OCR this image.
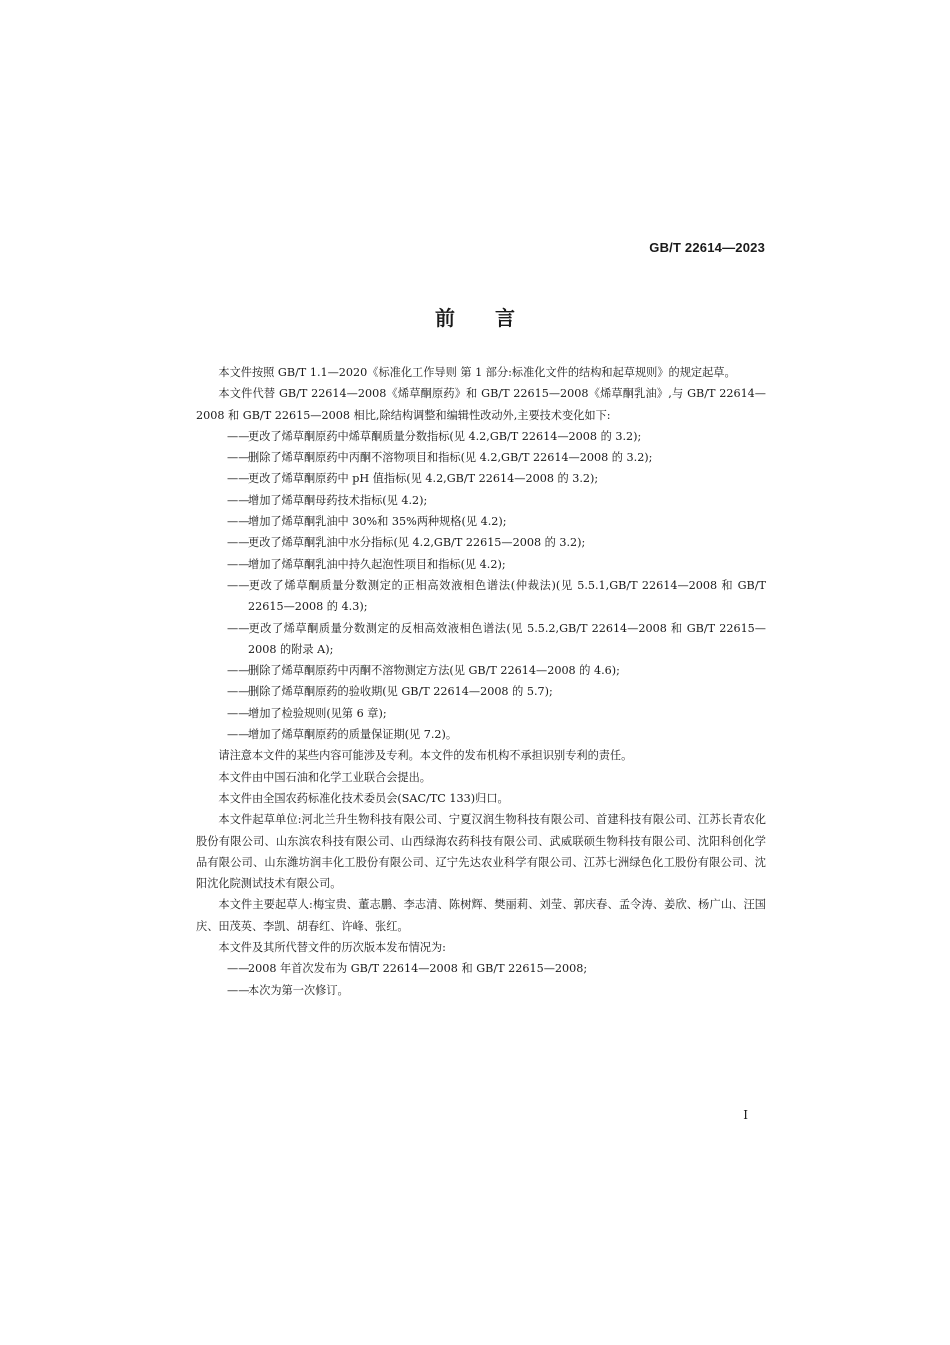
GB/T 22614—2023
前言

本文件按照 GB/T 1.1—2020《标准化工作导则 第 1 部分:标准化文件的结构和起草规则》的规定起草。

本文件代替 GB/T 22614—2008《烯草酮原药》和 GB/T 22615—2008《烯草酮乳油》,与 GB/T 22614—2008 和 GB/T 22615—2008 相比,除结构调整和编辑性改动外,主要技术变化如下:

——更改了烯草酮原药中烯草酮质量分数指标(见 4.2,GB/T 22614—2008 的 3.2);

——删除了烯草酮原药中丙酮不溶物项目和指标(见 4.2,GB/T 22614—2008 的 3.2);

——更改了烯草酮原药中 pH 值指标(见 4.2,GB/T 22614—2008 的 3.2);

——增加了烯草酮母药技术指标(见 4.2);

——增加了烯草酮乳油中 30%和 35%两种规格(见 4.2);

——更改了烯草酮乳油中水分指标(见 4.2,GB/T 22615—2008 的 3.2);

——增加了烯草酮乳油中持久起泡性项目和指标(见 4.2);

——更改了烯草酮质量分数测定的正相高效液相色谱法(仲裁法)(见 5.5.1,GB/T 22614—2008 和 GB/T 22615—2008 的 4.3);

——更改了烯草酮质量分数测定的反相高效液相色谱法(见 5.5.2,GB/T 22614—2008 和 GB/T 22615—2008 的附录 A);

——删除了烯草酮原药中丙酮不溶物测定方法(见 GB/T 22614—2008 的 4.6);

——删除了烯草酮原药的验收期(见 GB/T 22614—2008 的 5.7);

——增加了检验规则(见第 6 章);

——增加了烯草酮原药的质量保证期(见 7.2)。

请注意本文件的某些内容可能涉及专利。本文件的发布机构不承担识别专利的责任。

本文件由中国石油和化学工业联合会提出。

本文件由全国农药标准化技术委员会(SAC/TC 133)归口。

本文件起草单位:河北兰升生物科技有限公司、宁夏汉润生物科技有限公司、首建科技有限公司、江苏长青农化股份有限公司、山东滨农科技有限公司、山西绿海农药科技有限公司、武威联硕生物科技有限公司、沈阳科创化学品有限公司、山东潍坊润丰化工股份有限公司、辽宁先达农业科学有限公司、江苏七洲绿色化工股份有限公司、沈阳沈化院测试技术有限公司。

本文件主要起草人:梅宝贵、董志鹏、李志清、陈树辉、樊丽莉、刘莹、郭庆春、孟令涛、姜欣、杨广山、汪国庆、田茂英、李凯、胡春红、许峰、张红。

本文件及其所代替文件的历次版本发布情况为:

——2008 年首次发布为 GB/T 22614—2008 和 GB/T 22615—2008;

——本次为第一次修订。

I
